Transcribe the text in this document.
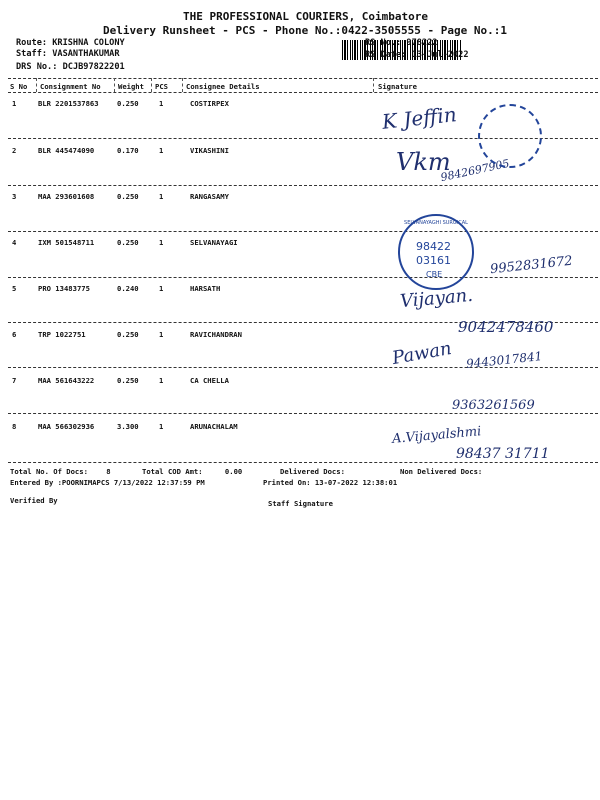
THE PROFESSIONAL COURIERS, Coimbatore
Delivery Runsheet - PCS - Phone No.:0422-3505555 - Page No.:1
Route: KRISHNA COLONY
Staff: VASANTHAKUMAR
DRS No.: DCJB97822201
RS No.: 978222
RS Date: 13-Jul-2022
S No Consignment No Weight PCS	Consignee Details	Signature
1	BLR 2201537863	0.250	1	COSTIRPEX
2	BLR 445474090	0.170	1	VIKASHINI
3	MAA 293601608	0.250	1	RANGASAMY
4	IXM 501548711	0.250	1	SELVANAYAGI
5	PRO 13483775	0.240	1	HARSATH
6	TRP 1022751	0.250	1	RAVICHANDRAN
7	MAA 561643222	0.250	1	CA CHELLA
8	MAA 566302936	3.300	1	ARUNACHALAM
K Jeffin
Vkm
9842697905
9952831672
Vijayan.
9042478460
Pawan 9443017841
9363261569
A.Vijayalshmi
98437 31711
SELVANAYAGHI SURGICAL
98422
03161
CBE
Total No. Of Docs:	8	Total COD Amt:	0.00	Delivered Docs:	Non Delivered Docs:
Entered By :POORNIMAPCS 7/13/2022 12:37:59 PM	Printed On: 13-07-2022 12:38:01
Verified By	Staff Signature
